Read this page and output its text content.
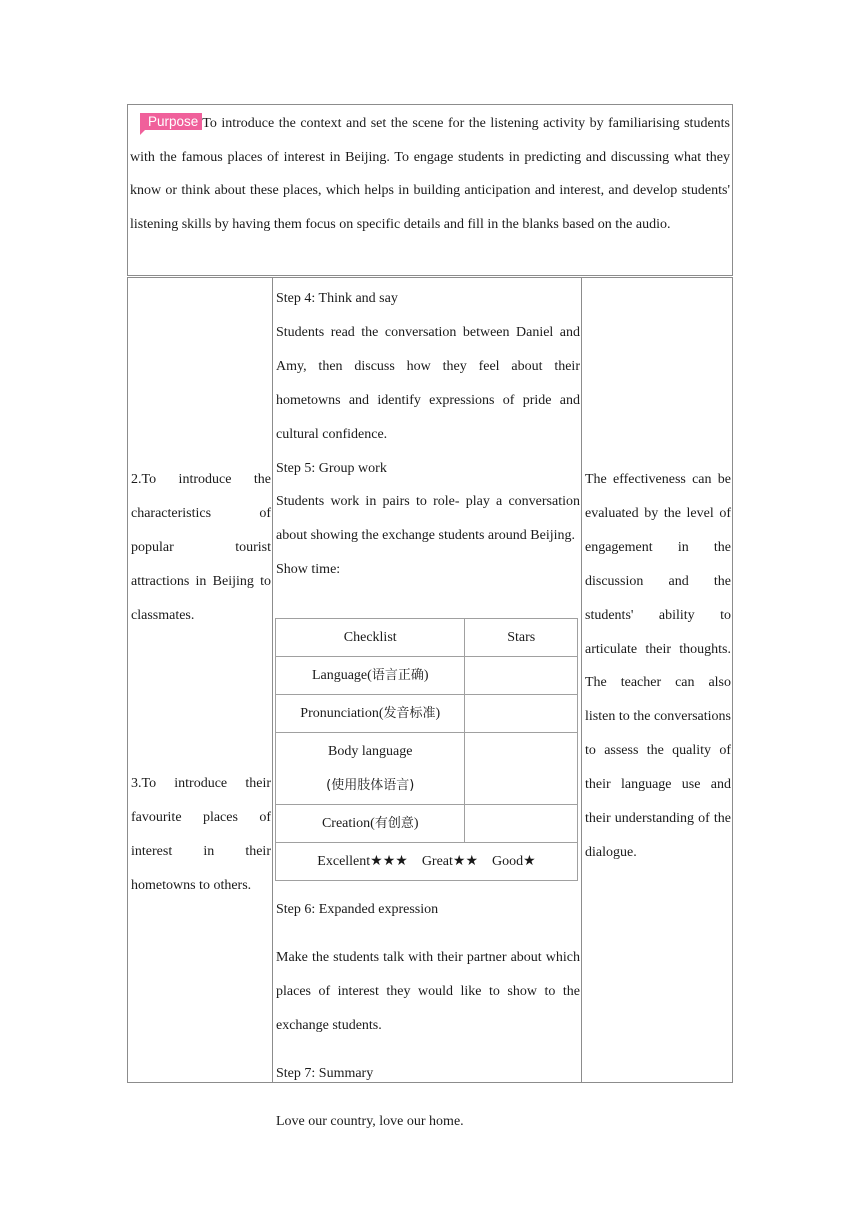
Purpose To introduce the context and set the scene for the listening activity by familiarising students with the famous places of interest in Beijing. To engage students in predicting and discussing what they know or think about these places, which helps in building anticipation and interest, and develop students' listening skills by having them focus on specific details and fill in the blanks based on the audio.

2.To introduce the characteristics of popular tourist attractions in Beijing to classmates.

3.To introduce their favourite places of interest in their hometowns to others.

Step 4: Think and say

Students read the conversation between Daniel and Amy, then discuss how they feel about their hometowns and identify expressions of pride and cultural confidence.

Step 5: Group work

Students work in pairs to role- play a conversation about showing the exchange students around Beijing.

Show time:

Checklist	Stars
Language(语言正确)	
Pronunciation(发音标准)	
Body language
(使用肢体语言)	
Creation(有创意)	
Excellent★★★ Great★★ Good★	

Step 6: Expanded expression

Make the students talk with their partner about which places of interest they would like to show to the exchange students.

Step 7: Summary

Love our country, love our home.

The effectiveness can be evaluated by the level of engagement in the discussion and the students' ability to articulate their thoughts. The teacher can also listen to the conversations to assess the quality of their language use and their understanding of the dialogue.
